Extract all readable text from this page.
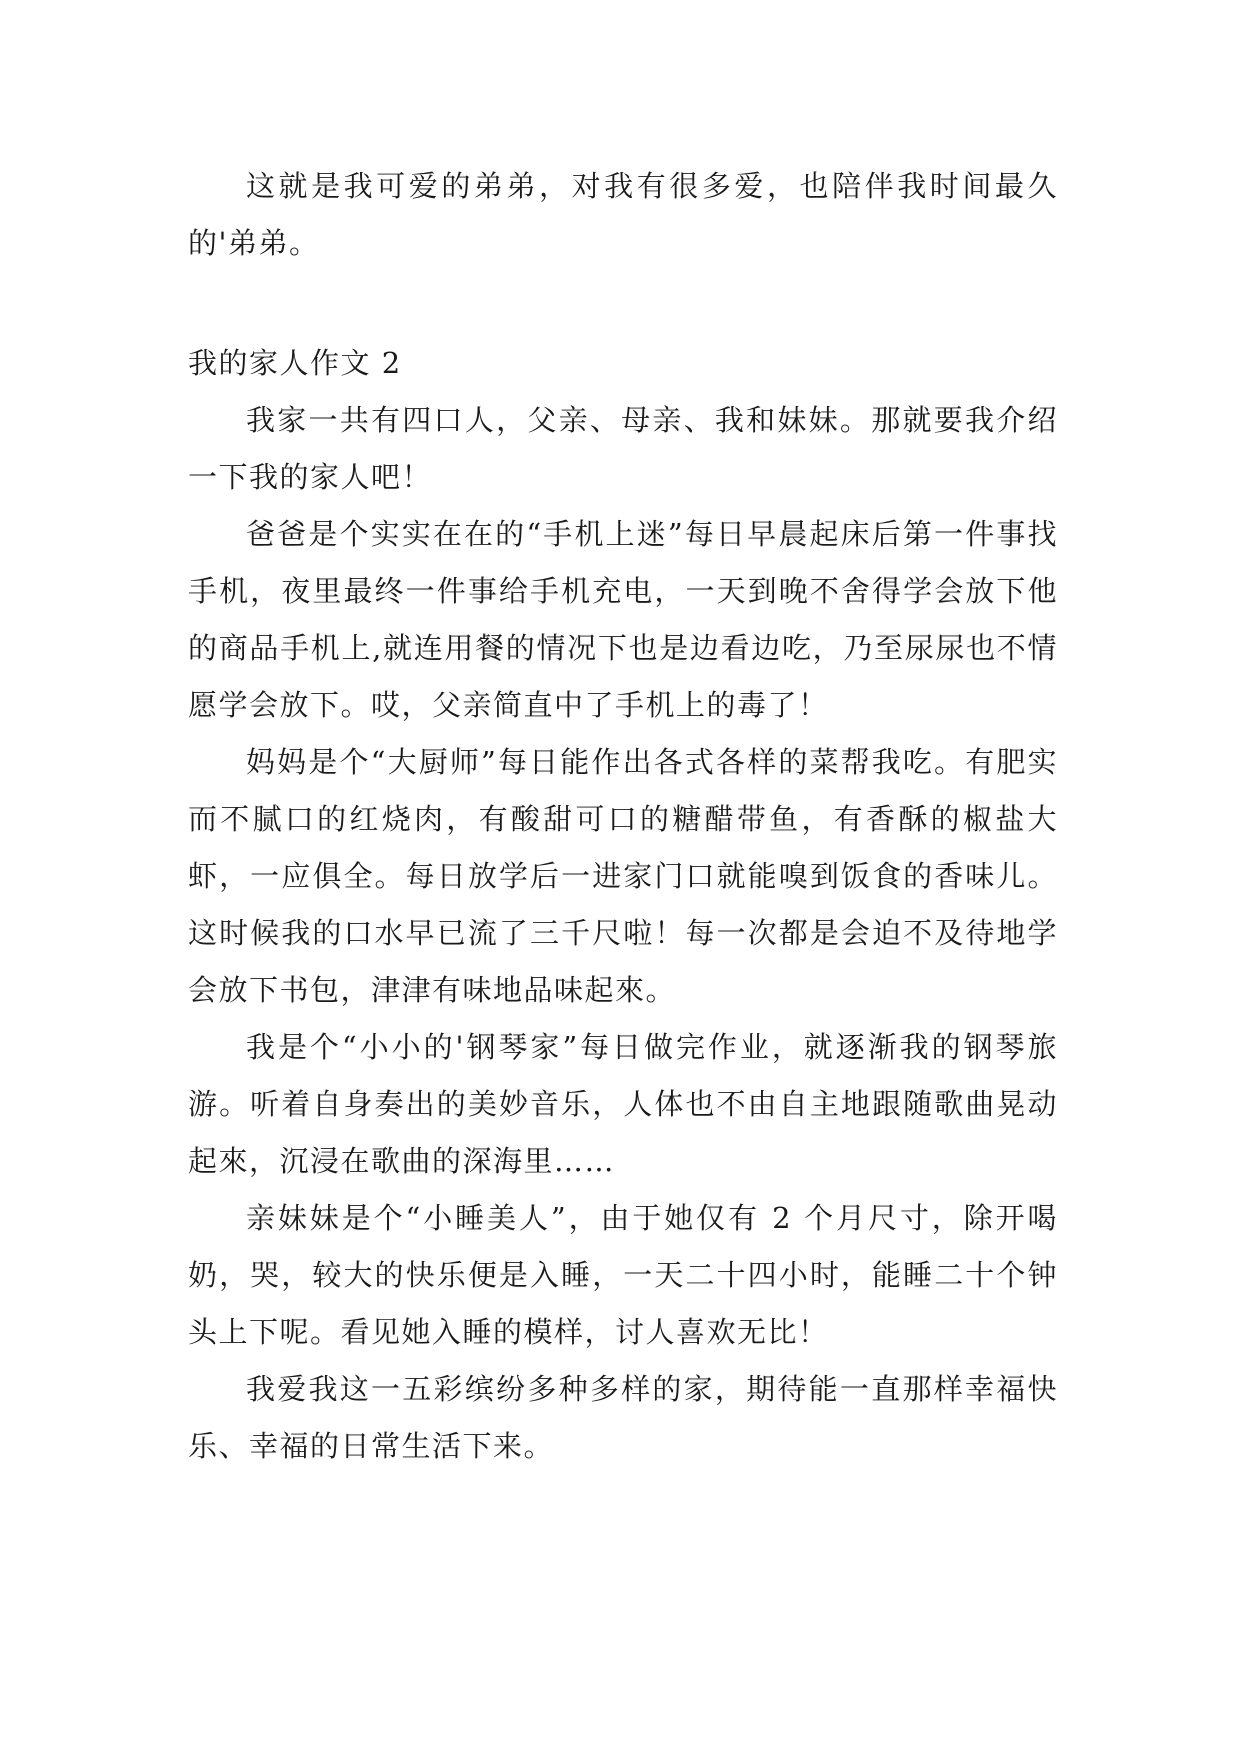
这就是我可爱的弟弟，对我有很多爱，也陪伴我时间最久的'弟弟。

我的家人作文 2

我家一共有四口人，父亲、母亲、我和妹妹。那就要我介绍一下我的家人吧！

爸爸是个实实在在的“手机上迷”每日早晨起床后第一件事找手机，夜里最终一件事给手机充电，一天到晚不舍得学会放下他的商品手机上,就连用餐的情况下也是边看边吃，乃至尿尿也不情愿学会放下。哎，父亲简直中了手机上的毒了！

妈妈是个“大厨师”每日能作出各式各样的菜帮我吃。有肥实而不腻口的红烧肉，有酸甜可口的糖醋带鱼，有香酥的椒盐大虾，一应俱全。每日放学后一进家门口就能嗅到饭食的香味儿。这时候我的口水早已流了三千尺啦！每一次都是会迫不及待地学会放下书包，津津有味地品味起來。

我是个“小小的'钢琴家”每日做完作业，就逐渐我的钢琴旅游。听着自身奏出的美妙音乐，人体也不由自主地跟随歌曲晃动起來，沉浸在歌曲的深海里……

亲妹妹是个“小睡美人”，由于她仅有 2 个月尺寸，除开喝奶，哭，较大的快乐便是入睡，一天二十四小时，能睡二十个钟头上下呢。看见她入睡的模样，讨人喜欢无比！

我爱我这一五彩缤纷多种多样的家，期待能一直那样幸福快乐、幸福的日常生活下来。
